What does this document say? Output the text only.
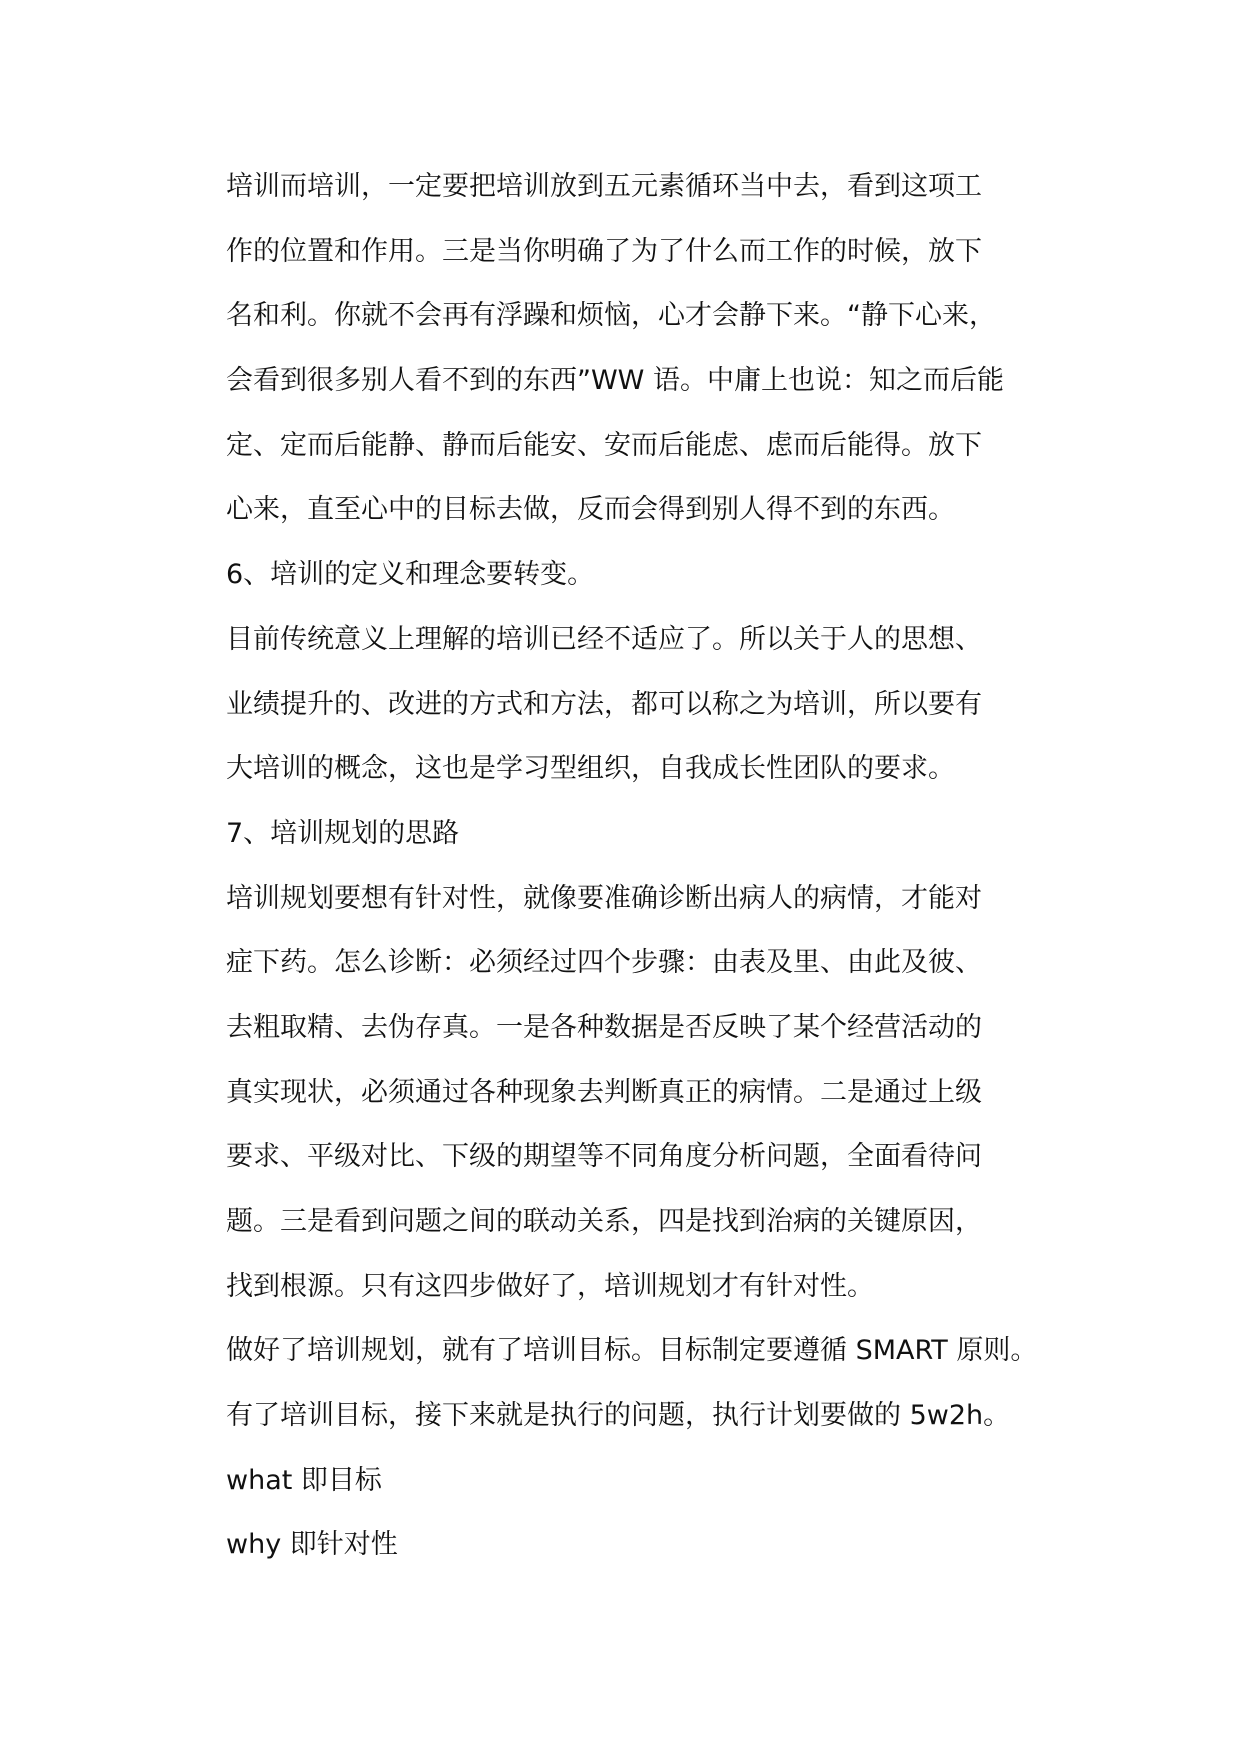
培训而培训，一定要把培训放到五元素循环当中去，看到这项工
作的位置和作用。三是当你明确了为了什么而工作的时候，放下
名和利。你就不会再有浮躁和烦恼，心才会静下来。“静下心来，
会看到很多别人看不到的东西”WW 语。中庸上也说：知之而后能
定、定而后能静、静而后能安、安而后能虑、虑而后能得。放下
心来，直至心中的目标去做，反而会得到别人得不到的东西。
6、培训的定义和理念要转变。
目前传统意义上理解的培训已经不适应了。所以关于人的思想、
业绩提升的、改进的方式和方法，都可以称之为培训，所以要有
大培训的概念，这也是学习型组织，自我成长性团队的要求。
7、培训规划的思路
培训规划要想有针对性，就像要准确诊断出病人的病情，才能对
症下药。怎么诊断：必须经过四个步骤：由表及里、由此及彼、
去粗取精、去伪存真。一是各种数据是否反映了某个经营活动的
真实现状，必须通过各种现象去判断真正的病情。二是通过上级
要求、平级对比、下级的期望等不同角度分析问题，全面看待问
题。三是看到问题之间的联动关系，四是找到治病的关键原因，
找到根源。只有这四步做好了，培训规划才有针对性。
做好了培训规划，就有了培训目标。目标制定要遵循 SMART 原则。
有了培训目标，接下来就是执行的问题，执行计划要做的 5w2h。
what 即目标
why 即针对性
